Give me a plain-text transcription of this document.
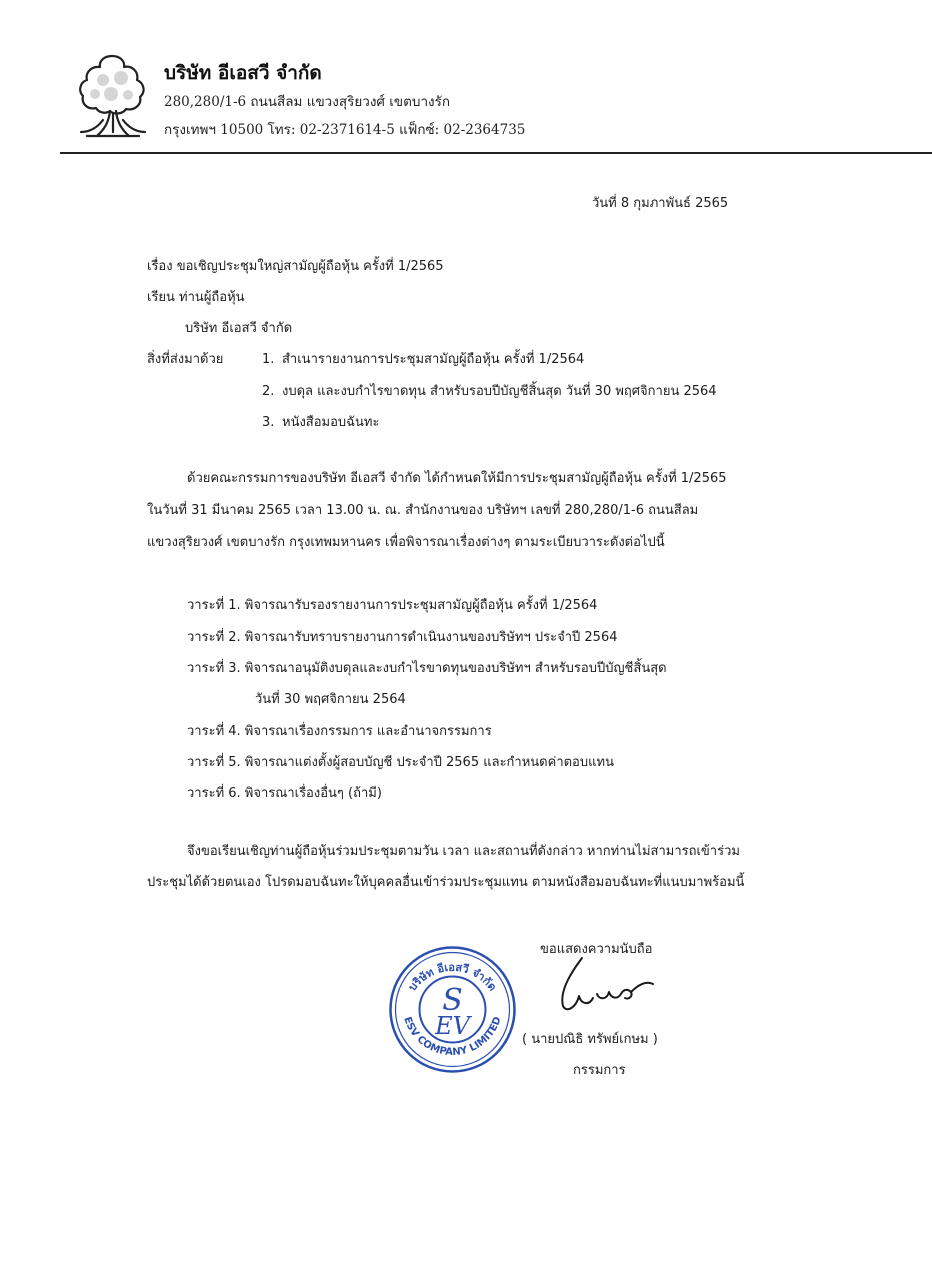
บริษัท อีเอสวี จำกัด
280,280/1-6 ถนนสีลม แขวงสุริยวงศ์ เขตบางรัก
กรุงเทพฯ 10500 โทร: 02-2371614-5 แฟ็กซ์: 02-2364735
วันที่ 8 กุมภาพันธ์ 2565
เรื่อง ขอเชิญประชุมใหญ่สามัญผู้ถือหุ้น ครั้งที่ 1/2565
เรียน ท่านผู้ถือหุ้น
บริษัท อีเอสวี จำกัด
สิ่งที่ส่งมาด้วย	1. สำเนารายงานการประชุมสามัญผู้ถือหุ้น ครั้งที่ 1/2564
2. งบดุล และงบกำไรขาดทุน สำหรับรอบปีบัญชีสิ้นสุด วันที่ 30 พฤศจิกายน 2564
3. หนังสือมอบฉันทะ
ด้วยคณะกรรมการของบริษัท อีเอสวี จำกัด ได้กำหนดให้มีการประชุมสามัญผู้ถือหุ้น ครั้งที่ 1/2565
ในวันที่ 31 มีนาคม 2565 เวลา 13.00 น. ณ. สำนักงานของ บริษัทฯ เลขที่ 280,280/1-6 ถนนสีลม
แขวงสุริยวงศ์ เขตบางรัก กรุงเทพมหานคร เพื่อพิจารณาเรื่องต่างๆ ตามระเบียบวาระดังต่อไปนี้
วาระที่ 1. พิจารณารับรองรายงานการประชุมสามัญผู้ถือหุ้น ครั้งที่ 1/2564
วาระที่ 2. พิจารณารับทราบรายงานการดำเนินงานของบริษัทฯ ประจำปี 2564
วาระที่ 3. พิจารณาอนุมัติงบดุลและงบกำไรขาดทุนของบริษัทฯ สำหรับรอบปีบัญชีสิ้นสุด
วันที่ 30 พฤศจิกายน 2564
วาระที่ 4. พิจารณาเรื่องกรรมการ และอำนาจกรรมการ
วาระที่ 5. พิจารณาแต่งตั้งผู้สอบบัญชี ประจำปี 2565 และกำหนดค่าตอบแทน
วาระที่ 6. พิจารณาเรื่องอื่นๆ (ถ้ามี)
จึงขอเรียนเชิญท่านผู้ถือหุ้นร่วมประชุมตามวัน เวลา และสถานที่ดังกล่าว หากท่านไม่สามารถเข้าร่วม
ประชุมได้ด้วยตนเอง โปรดมอบฉันทะให้บุคคลอื่นเข้าร่วมประชุมแทน ตามหนังสือมอบฉันทะที่แนบมาพร้อมนี้
ขอแสดงความนับถือ
( นายปณิธิ ทรัพย์เกษม )
กรรมการ
บริษัท อีเอสวี จำกัด
ESV COMPANY LIMITED
S
EV
